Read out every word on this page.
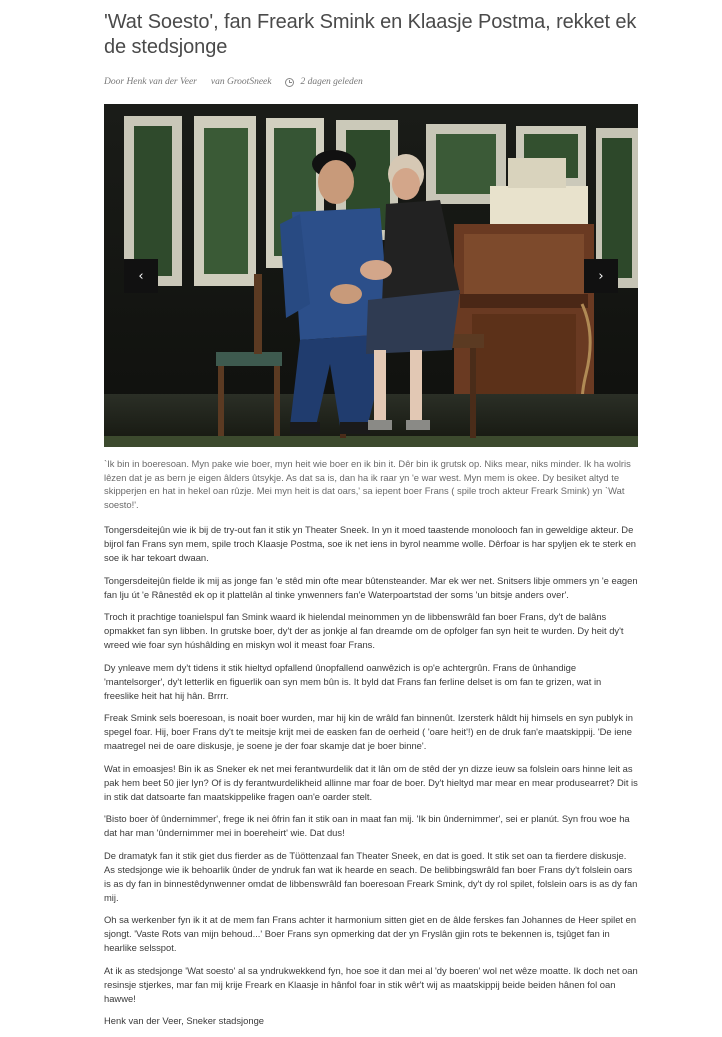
'Wat Soesto', fan Freark Smink en Klaasje Postma, rekket ek de stedsjonge
Door
Henk van der Veer van
GrootSneek	2 dagen geleden
‹	›

`Ik bin in boeresoan. Myn pake wie boer, myn heit wie boer en ik bin it. Dêr bin ik grutsk op. Niks mear, niks minder. Ik ha wolris lêzen dat je as bern je eigen âlders ûtsykje. As dat sa is, dan ha ik raar yn 'e war west. Myn mem is okee. Dy besiket altyd te skipperjen en hat in hekel oan rûzje. Mei myn heit is dat oars,' sa iepent boer Frans ( spile troch akteur Freark Smink) yn `Wat soesto!'.

Tongersdeitejûn wie ik bij de try-out fan it stik yn Theater Sneek. In yn it moed taastende monolooch fan in geweldige akteur. De bijrol fan Frans syn mem, spile troch Klaasje Postma, soe ik net iens in byrol neamme wolle. Dêrfoar is har spyljen ek te sterk en soe ik har tekoart dwaan.

Tongersdeitejûn fielde ik mij as jonge fan 'e stêd min ofte mear bûtensteander. Mar ek wer net. Snitsers libje ommers yn 'e eagen fan lju út 'e Rânestêd ek op it plattelân al tinke ynwenners fan'e Waterpoartstad der soms 'un bitsje anders over'.

Troch it prachtige toanielspul fan Smink waard ik hielendal meinommen yn de libbenswrâld fan boer Frans, dy't de balâns opmakket fan syn libben. In grutske boer, dy't der as jonkje al fan dreamde om de opfolger fan syn heit te wurden. Dy heit dy't wreed wie foar syn húshâlding en miskyn wol it meast foar Frans.

Dy ynleave mem dy't tidens it stik hieltyd opfallend ûnopfallend oanwêzich is op'e achtergrûn. Frans de ûnhandige 'mantelsorger', dy't letterlik en figuerlik oan syn mem bûn is. It byld dat Frans fan ferline delset is om fan te grizen, wat in freeslike heit hat hij hân. Brrrr.

Freak Smink sels boeresoan, is noait boer wurden, mar hij kin de wrâld fan binnenût. Izersterk hâldt hij himsels en syn publyk in spegel foar. Hij, boer Frans dy't te meitsje krijt mei de easken fan de oerheid ( 'oare heit'!) en de druk fan'e maatskippij. 'De iene maatregel nei de oare diskusje, je soene je der foar skamje dat je boer binne'.

Wat in emoasjes! Bin ik as Sneker ek net mei ferantwurdelik dat it lân om de stêd der yn dizze ieuw sa folslein oars hinne leit as pak hem beet 50 jier lyn? Of is dy ferantwurdelikheid allinne mar foar de boer. Dy't hieltyd mar mear en mear produsearret? Dit is in stik dat datsoarte fan maatskippelike fragen oan'e oarder stelt.

'Bisto boer òf ûndernimmer', frege ik nei ôfrin fan it stik oan in maat fan mij. 'Ik bin ûndernimmer', sei er planút. Syn frou woe ha dat har man 'ûndernimmer mei in boereheirt' wie. Dat dus!

De dramatyk fan it stik giet dus fierder as de Tüöttenzaal fan Theater Sneek, en dat is goed. It stik set oan ta fierdere diskusje. As stedsjonge wie ik behoarlik ûnder de yndruk fan wat ik hearde en seach. De belibbingswrâld fan boer Frans dy't folslein oars is as dy fan in binnestêdynwenner omdat de libbenswrâld fan boeresoan Freark Smink, dy't dy rol spilet, folslein oars is as dy fan mij.

Oh sa werkenber fyn ik it at de mem fan Frans achter it harmonium sitten giet en de âlde ferskes fan Johannes de Heer spilet en sjongt. 'Vaste Rots van mijn behoud...' Boer Frans syn opmerking dat der yn Fryslân gjin rots te bekennen is, tsjûget fan in hearlike selsspot.

At ik as stedsjonge 'Wat soesto' al sa yndrukwekkend fyn, hoe soe it dan mei al 'dy boeren' wol net wêze moatte. Ik doch net oan resinsje stjerkes, mar fan mij krije Freark en Klaasje in hânfol foar in stik wêr't wij as maatskippij beide beiden hânen fol oan hawwe!

Henk van der Veer, Sneker stadsjonge
